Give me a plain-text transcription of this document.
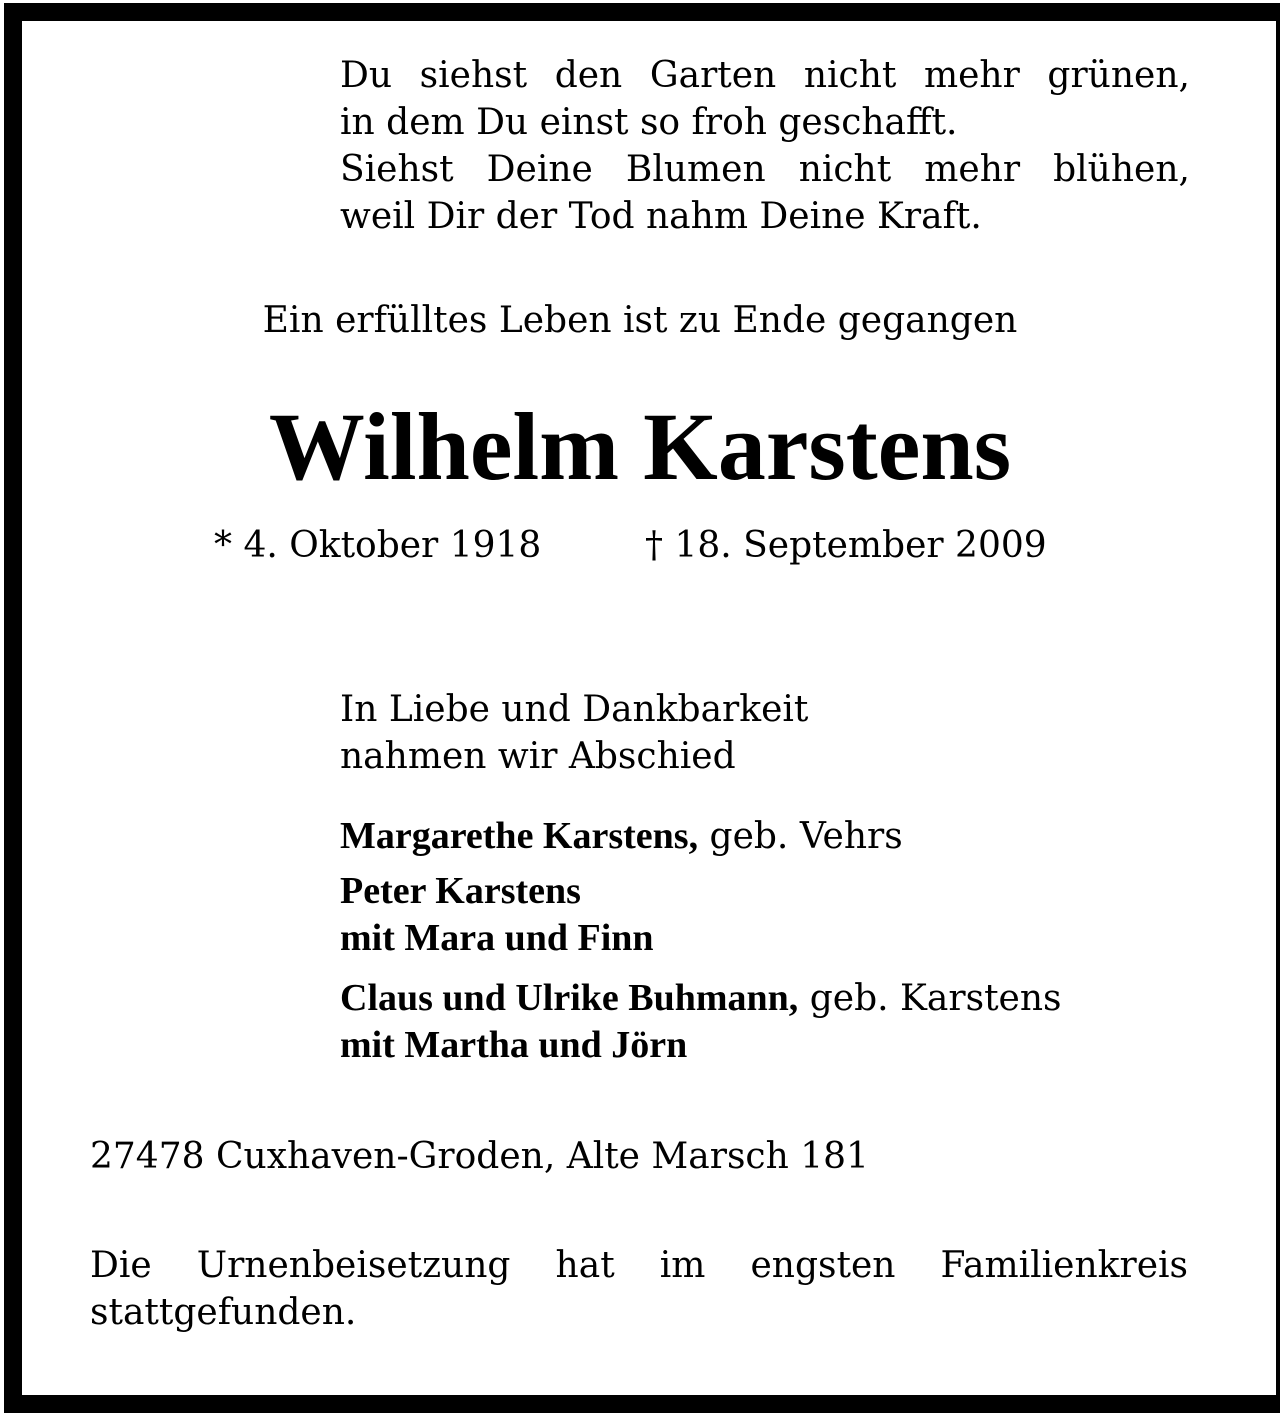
Du siehst den Garten nicht mehr grünen,
in dem Du einst so froh geschafft.
Siehst Deine Blumen nicht mehr blühen,
weil Dir der Tod nahm Deine Kraft.
Ein erfülltes Leben ist zu Ende gegangen
Wilhelm Karstens
* 4. Oktober 1918	† 18. September 2009
In Liebe und Dankbarkeit
nahmen wir Abschied
Margarethe Karstens, geb. Vehrs
Peter Karstens
mit Mara und Finn
Claus und Ulrike Buhmann, geb. Karstens
mit Martha und Jörn
27478 Cuxhaven-Groden, Alte Marsch 181
Die Urnenbeisetzung hat im engsten Familienkreis
stattgefunden.
